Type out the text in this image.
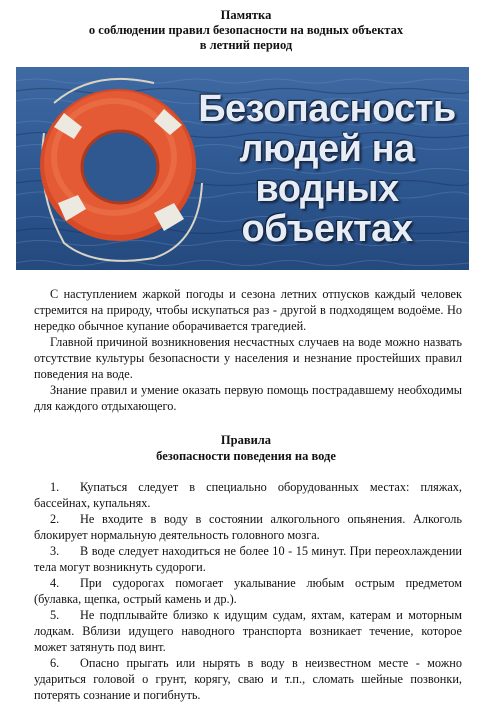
Памятка
о соблюдении правил безопасности на водных объектах
в летний период
Безопасность
людей на
водных
объектах

С наступлением жаркой погоды и сезона летних отпусков каждый человек стремится на природу, чтобы искупаться раз - другой в подходящем водоёме. Но нередко обычное купание оборачивается трагедией.

Главной причиной возникновения несчастных случаев на воде можно назвать отсутствие культуры безопасности у населения и незнание простейших правил поведения на воде.

Знание правил и умение оказать первую помощь пострадавшему необходимы для каждого отдыхающего.

Правила
безопасности поведения на воде
1. Купаться следует в специально оборудованных местах: пляжах, бассейнах, купальнях.
2. Не входите в воду в состоянии алкогольного опьянения. Алкоголь блокирует нормальную деятельность головного мозга.
3. В воде следует находиться не более 10 - 15 минут. При переохлаждении тела могут возникнуть судороги.
4. При судорогах помогает укалывание любым острым предметом (булавка, щепка, острый камень и др.).
5. Не подплывайте близко к идущим судам, яхтам, катерам и моторным лодкам. Вблизи идущего наводного транспорта возникает течение, которое может затянуть под винт.
6. Опасно прыгать или нырять в воду в неизвестном месте - можно удариться головой о грунт, корягу, сваю и т.п., сломать шейные позвонки, потерять сознание и погибнуть.
